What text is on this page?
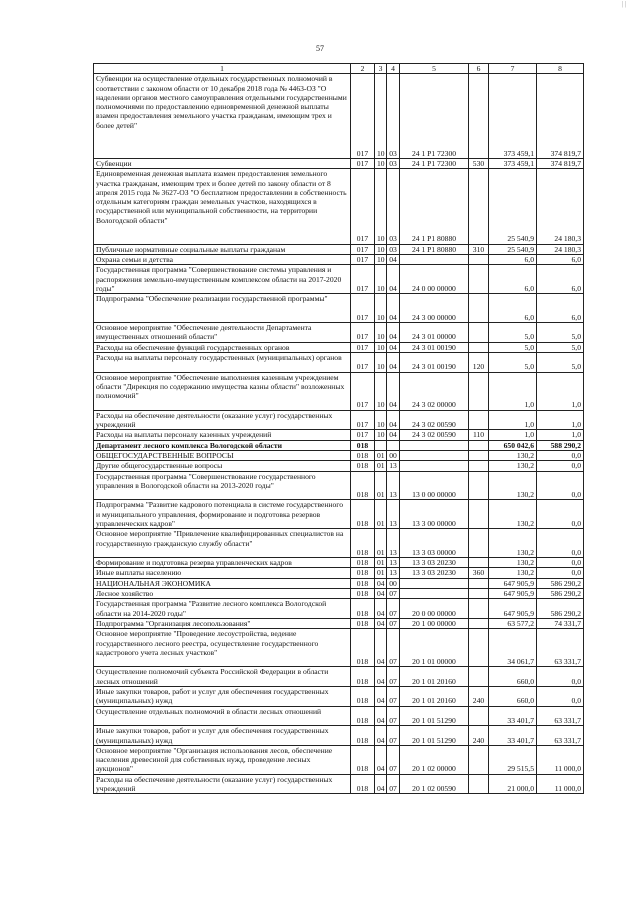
| |
57
1	2	3	4	5	6	7	8
Субвенции на осуществление отдельных государственных полномочий в соответствии с законом области от 10 декабря 2018 года № 4463-ОЗ "О наделении органов местного самоуправления отдельными государственными полномочиями по предоставлению единовременной денежной выплаты взамен предоставления земельного участка гражданам, имеющим трех и более детей"	017	10	03	24 1 P1 72300		373 459,1	374 819,7
Субвенции	017	10	03	24 1 P1 72300	530	373 459,1	374 819,7
Единовременная денежная выплата взамен предоставления земельного участка гражданам, имеющим трех и более детей по закону области от 8 апреля 2015 года № 3627-ОЗ "О бесплатном предоставлении в собственность отдельным категориям граждан земельных участков, находящихся в государственной или муниципальной собственности, на территории Вологодской области"	017	10	03	24 1 P1 80880		25 540,9	24 180,3
Публичные нормативные социальные выплаты гражданам	017	10	03	24 1 P1 80880	310	25 540,9	24 180,3
Охрана семьи и детства	017	10	04			6,0	6,0
Государственная программа "Совершенствование системы управления и распоряжения земельно-имущественным комплексом области на 2017-2020 годы"	017	10	04	24 0 00 00000		6,0	6,0
Подпрограмма "Обеспечение реализации государственной программы"	017	10	04	24 3 00 00000		6,0	6,0
Основное мероприятие "Обеспечение деятельности Департамента имущественных отношений области"	017	10	04	24 3 01 00000		5,0	5,0
Расходы на обеспечение функций государственных органов	017	10	04	24 3 01 00190		5,0	5,0
Расходы на выплаты персоналу государственных (муниципальных) органов	017	10	04	24 3 01 00190	120	5,0	5,0
Основное мероприятие "Обеспечение выполнения казенным учреждением области "Дирекция по содержанию имущества казны области" возложенных полномочий"	017	10	04	24 3 02 00000		1,0	1,0
Расходы на обеспечение деятельности (оказание услуг) государственных учреждений	017	10	04	24 3 02 00590		1,0	1,0
Расходы на выплаты персоналу казенных учреждений	017	10	04	24 3 02 00590	110	1,0	1,0
Департамент лесного комплекса Вологодской области	018					650 042,6	588 290,2
ОБЩЕГОСУДАРСТВЕННЫЕ ВОПРОСЫ	018	01	00			130,2	0,0
Другие общегосударственные вопросы	018	01	13			130,2	0,0
Государственная программа "Совершенствование государственного управления в Вологодской области на 2013-2020 годы"	018	01	13	13 0 00 00000		130,2	0,0
Подпрограмма "Развитие кадрового потенциала в системе государственного и муниципального управления, формирование и подготовка резервов управленческих кадров"	018	01	13	13 3 00 00000		130,2	0,0
Основное мероприятие "Привлечение квалифицированных специалистов на государственную гражданскую службу области"	018	01	13	13 3 03 00000		130,2	0,0
Формирование и подготовка резерва управленческих кадров	018	01	13	13 3 03 20230		130,2	0,0
Иные выплаты населению	018	01	13	13 3 03 20230	360	130,2	0,0
НАЦИОНАЛЬНАЯ ЭКОНОМИКА	018	04	00			647 905,9	586 290,2
Лесное хозяйство	018	04	07			647 905,9	586 290,2
Государственная программа "Развитие лесного комплекса Вологодской области на 2014-2020 годы"	018	04	07	20 0 00 00000		647 905,9	586 290,2
Подпрограмма "Организация лесопользования"	018	04	07	20 1 00 00000		63 577,2	74 331,7
Основное мероприятие "Проведение лесоустройства, ведение государственного лесного реестра, осуществление государственного кадастрового учета лесных участков"	018	04	07	20 1 01 00000		34 061,7	63 331,7
Осуществление полномочий субъекта Российской Федерации в области лесных отношений	018	04	07	20 1 01 20160		660,0	0,0
Иные закупки товаров, работ и услуг для обеспечения государственных (муниципальных) нужд	018	04	07	20 1 01 20160	240	660,0	0,0
Осуществление отдельных полномочий в области лесных отношений	018	04	07	20 1 01 51290		33 401,7	63 331,7
Иные закупки товаров, работ и услуг для обеспечения государственных (муниципальных) нужд	018	04	07	20 1 01 51290	240	33 401,7	63 331,7
Основное мероприятие "Организация использования лесов, обеспечение населения древесиной для собственных нужд, проведение лесных аукционов"	018	04	07	20 1 02 00000		29 515,5	11 000,0
Расходы на обеспечение деятельности (оказание услуг) государственных учреждений	018	04	07	20 1 02 00590		21 000,0	11 000,0
